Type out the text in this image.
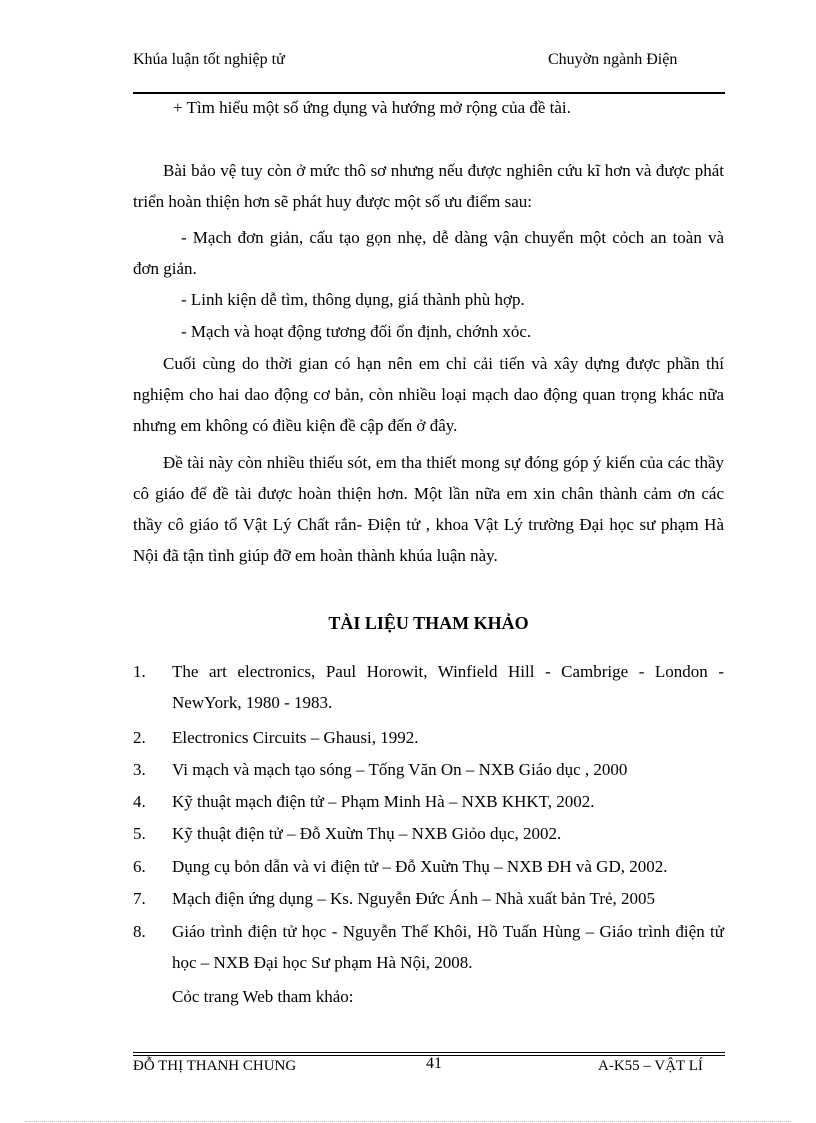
Khúa luận tốt nghiệp tử	Chuyờn ngành Điện
+ Tìm hiểu một số ứng dụng và hướng mở rộng của đề tài.
Bài bảo vệ tuy còn ở mức thô sơ nhưng nếu được nghiên cứu kĩ hơn và được phát triển hoàn thiện hơn sẽ phát huy được một số ưu điểm sau:
- Mạch đơn giản, cấu tạo gọn nhẹ, dễ dàng vận chuyển một cỏch an toàn và đơn giản.
- Linh kiện dễ tìm, thông dụng, giá thành phù hợp.
- Mạch và hoạt động tương đối ổn định, chớnh xỏc.
Cuối cùng do thời gian có hạn nên em chỉ cải tiến và xây dựng được phần thí nghiệm cho hai dao động cơ bản, còn nhiều loại mạch dao động quan trọng khác nữa nhưng em không có điều kiện đề cập đến ở đây.
Đề tài này còn nhiều thiếu sót, em tha thiết mong sự đóng góp ý kiến của các thầy cô giáo để đề tài được hoàn thiện hơn. Một lần nữa em xin chân thành cảm ơn các thầy cô giáo tổ Vật Lý Chất rắn- Điện tử , khoa Vật Lý trường Đại học sư phạm Hà Nội đã tận tình giúp đỡ em hoàn thành khúa luận này.
TÀI LIỆU THAM KHẢO
1. The art electronics, Paul Horowit, Winfield Hill - Cambrige - London - NewYork, 1980 - 1983.
2. Electronics Circuits – Ghausi, 1992.
3. Vi mạch và mạch tạo sóng – Tống Văn On – NXB Giáo dục , 2000
4. Kỹ thuật mạch điện tử – Phạm Minh Hà – NXB KHKT, 2002.
5. Kỹ thuật điện tử – Đỗ Xuừn Thụ – NXB Giỏo dục, 2002.
6. Dụng cụ bỏn dẫn và vi điện tử – Đỗ Xuừn Thụ – NXB ĐH và GD, 2002.
7. Mạch điện ứng dụng – Ks. Nguyễn Đức Ánh – Nhà xuất bản Trẻ, 2005
8. Giáo trình điện tử học - Nguyễn Thế Khôi, Hồ Tuấn Hùng – Giáo trình điện tử học – NXB Đại học Sư phạm Hà Nội, 2008.
Cỏc trang Web tham khảo:
ĐỖ THỊ THANH CHUNG	41	A-K55 – VẬT LÍ
